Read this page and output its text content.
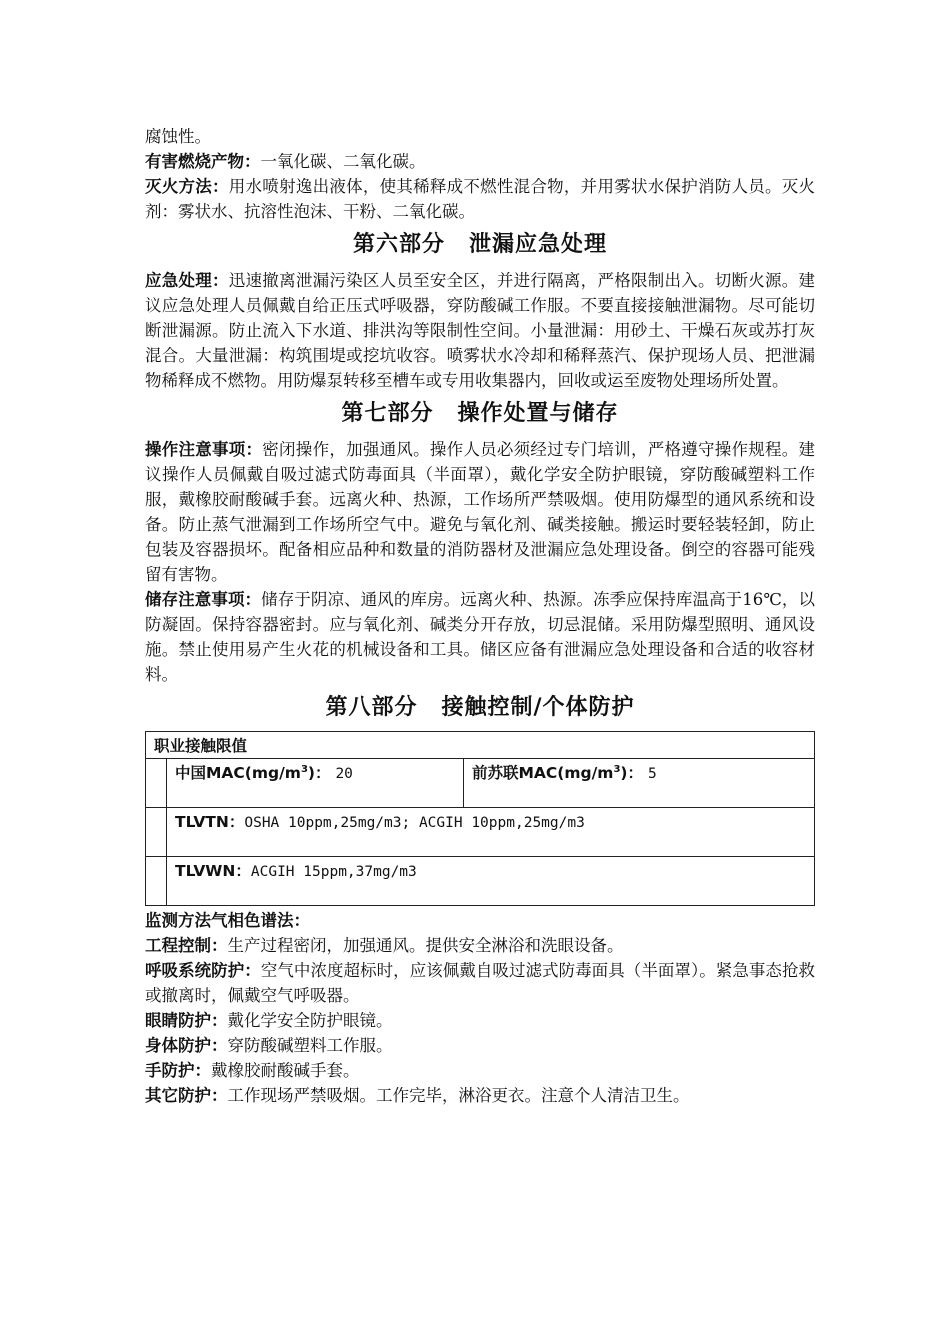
腐蚀性。

有害燃烧产物：一氧化碳、二氧化碳。

灭火方法：用水喷射逸出液体，使其稀释成不燃性混合物，并用雾状水保护消防人员。灭火剂：雾状水、抗溶性泡沫、干粉、二氧化碳。

第六部分 泄漏应急处理

应急处理：迅速撤离泄漏污染区人员至安全区，并进行隔离，严格限制出入。切断火源。建议应急处理人员佩戴自给正压式呼吸器，穿防酸碱工作服。不要直接接触泄漏物。尽可能切断泄漏源。防止流入下水道、排洪沟等限制性空间。小量泄漏：用砂土、干燥石灰或苏打灰混合。大量泄漏：构筑围堤或挖坑收容。喷雾状水冷却和稀释蒸汽、保护现场人员、把泄漏物稀释成不燃物。用防爆泵转移至槽车或专用收集器内，回收或运至废物处理场所处置。

第七部分 操作处置与储存

操作注意事项：密闭操作，加强通风。操作人员必须经过专门培训，严格遵守操作规程。建议操作人员佩戴自吸过滤式防毒面具（半面罩），戴化学安全防护眼镜，穿防酸碱塑料工作服，戴橡胶耐酸碱手套。远离火种、热源，工作场所严禁吸烟。使用防爆型的通风系统和设备。防止蒸气泄漏到工作场所空气中。避免与氧化剂、碱类接触。搬运时要轻装轻卸，防止包装及容器损坏。配备相应品种和数量的消防器材及泄漏应急处理设备。倒空的容器可能残留有害物。

储存注意事项：储存于阴凉、通风的库房。远离火种、热源。冻季应保持库温高于16℃，以防凝固。保持容器密封。应与氧化剂、碱类分开存放，切忌混储。采用防爆型照明、通风设施。禁止使用易产生火花的机械设备和工具。储区应备有泄漏应急处理设备和合适的收容材料。

第八部分 接触控制/个体防护
职业接触限值		
	中国$MAC(mg/m^3)$： 20	前苏联$MAC(mg/m^3)$： 5
	TLVTN：OSHA 10ppm,25mg/m3; ACGIH 10ppm,25mg/m3	
	TLVWN：ACGIH 15ppm,37mg/m3	

监测方法气相色谱法：

工程控制：生产过程密闭，加强通风。提供安全淋浴和洗眼设备。

呼吸系统防护：空气中浓度超标时，应该佩戴自吸过滤式防毒面具（半面罩）。紧急事态抢救或撤离时，佩戴空气呼吸器。

眼睛防护：戴化学安全防护眼镜。

身体防护：穿防酸碱塑料工作服。

手防护：戴橡胶耐酸碱手套。

其它防护：工作现场严禁吸烟。工作完毕，淋浴更衣。注意个人清洁卫生。
